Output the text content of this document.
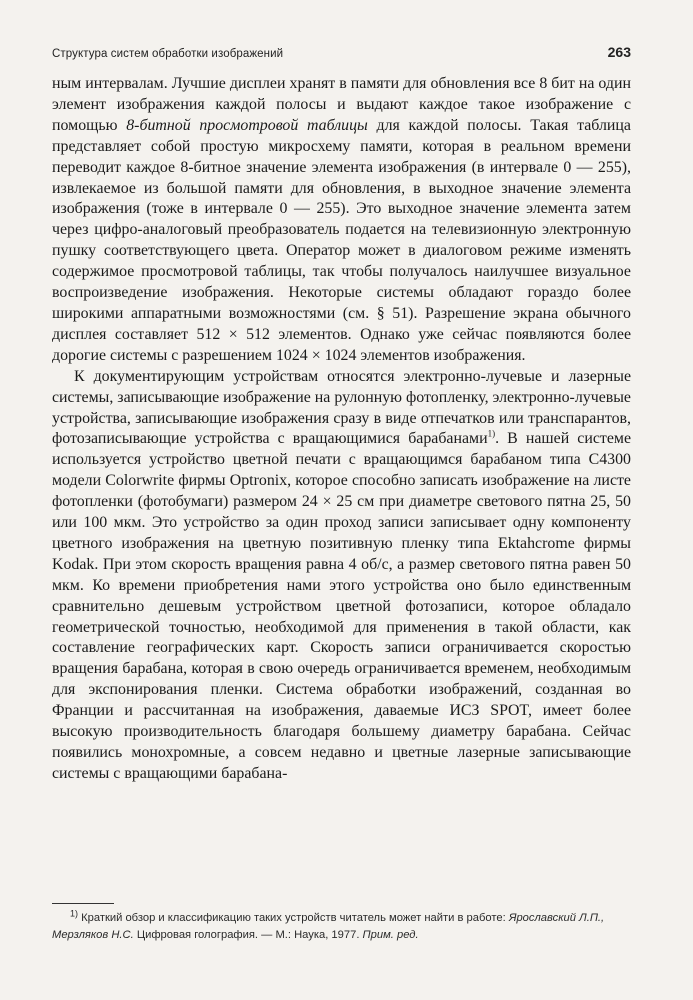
Структура систем обработки изображений	263

ным интервалам. Лучшие дисплеи хранят в памяти для обновления все 8 бит на один элемент изображения каждой полосы и выдают каждое такое изображение с помощью 8-битной просмотровой таблицы для каждой полосы. Такая таблица представляет собой простую микросхему памяти, которая в реальном времени переводит каждое 8-битное значение элемента изображения (в интервале 0 — 255), извлекаемое из большой памяти для обновления, в выходное значение элемента изображения (тоже в интервале 0 — 255). Это выходное значение элемента затем через цифро-аналоговый преобразователь подается на телевизионную электронную пушку соответствующего цвета. Оператор может в диалоговом режиме изменять содержимое просмотровой таблицы, так чтобы получалось наилучшее визуальное воспроизведение изображения. Некоторые системы обладают гораздо более широкими аппаратными возможностями (см. § 51). Разрешение экрана обычного дисплея составляет 512 × 512 элементов. Однако уже сейчас появляются более дорогие системы с разрешением 1024 × 1024 элементов изображения.

К документирующим устройствам относятся электронно-лучевые и лазерные системы, записывающие изображение на рулонную фотопленку, электронно-лучевые устройства, записывающие изображения сразу в виде отпечатков или транспарантов, фотозаписывающие устройства с вращающимися барабанами$^{1)}$. В нашей системе используется устройство цветной печати с вращающимся барабаном типа С4300 модели Colorwrite фирмы Optronix, которое способно записать изображение на листе фотопленки (фотобумаги) размером 24 × 25 см при диаметре светового пятна 25, 50 или 100 мкм. Это устройство за один проход записи записывает одну компоненту цветного изображения на цветную позитивную пленку типа Ektahcrome фирмы Kodak. При этом скорость вращения равна 4 об/с, а размер светового пятна равен 50 мкм. Ко времени приобретения нами этого устройства оно было единственным сравнительно дешевым устройством цветной фотозаписи, которое обладало геометрической точностью, необходимой для применения в такой области, как составление географических карт. Скорость записи ограничивается скоростью вращения барабана, которая в свою очередь ограничивается временем, необходимым для экспонирования пленки. Система обработки изображений, созданная во Франции и рассчитанная на изображения, даваемые ИСЗ SPOT, имеет более высокую производительность благодаря большему диаметру барабана. Сейчас появились монохромные, а совсем недавно и цветные лазерные записывающие системы с вращающими барабана-

$^{1)}$ Краткий обзор и классификацию таких устройств читатель может найти в работе: Ярославский Л.П., Мерзляков Н.С. Цифровая голография. — М.: Наука, 1977. Прим. ред.
